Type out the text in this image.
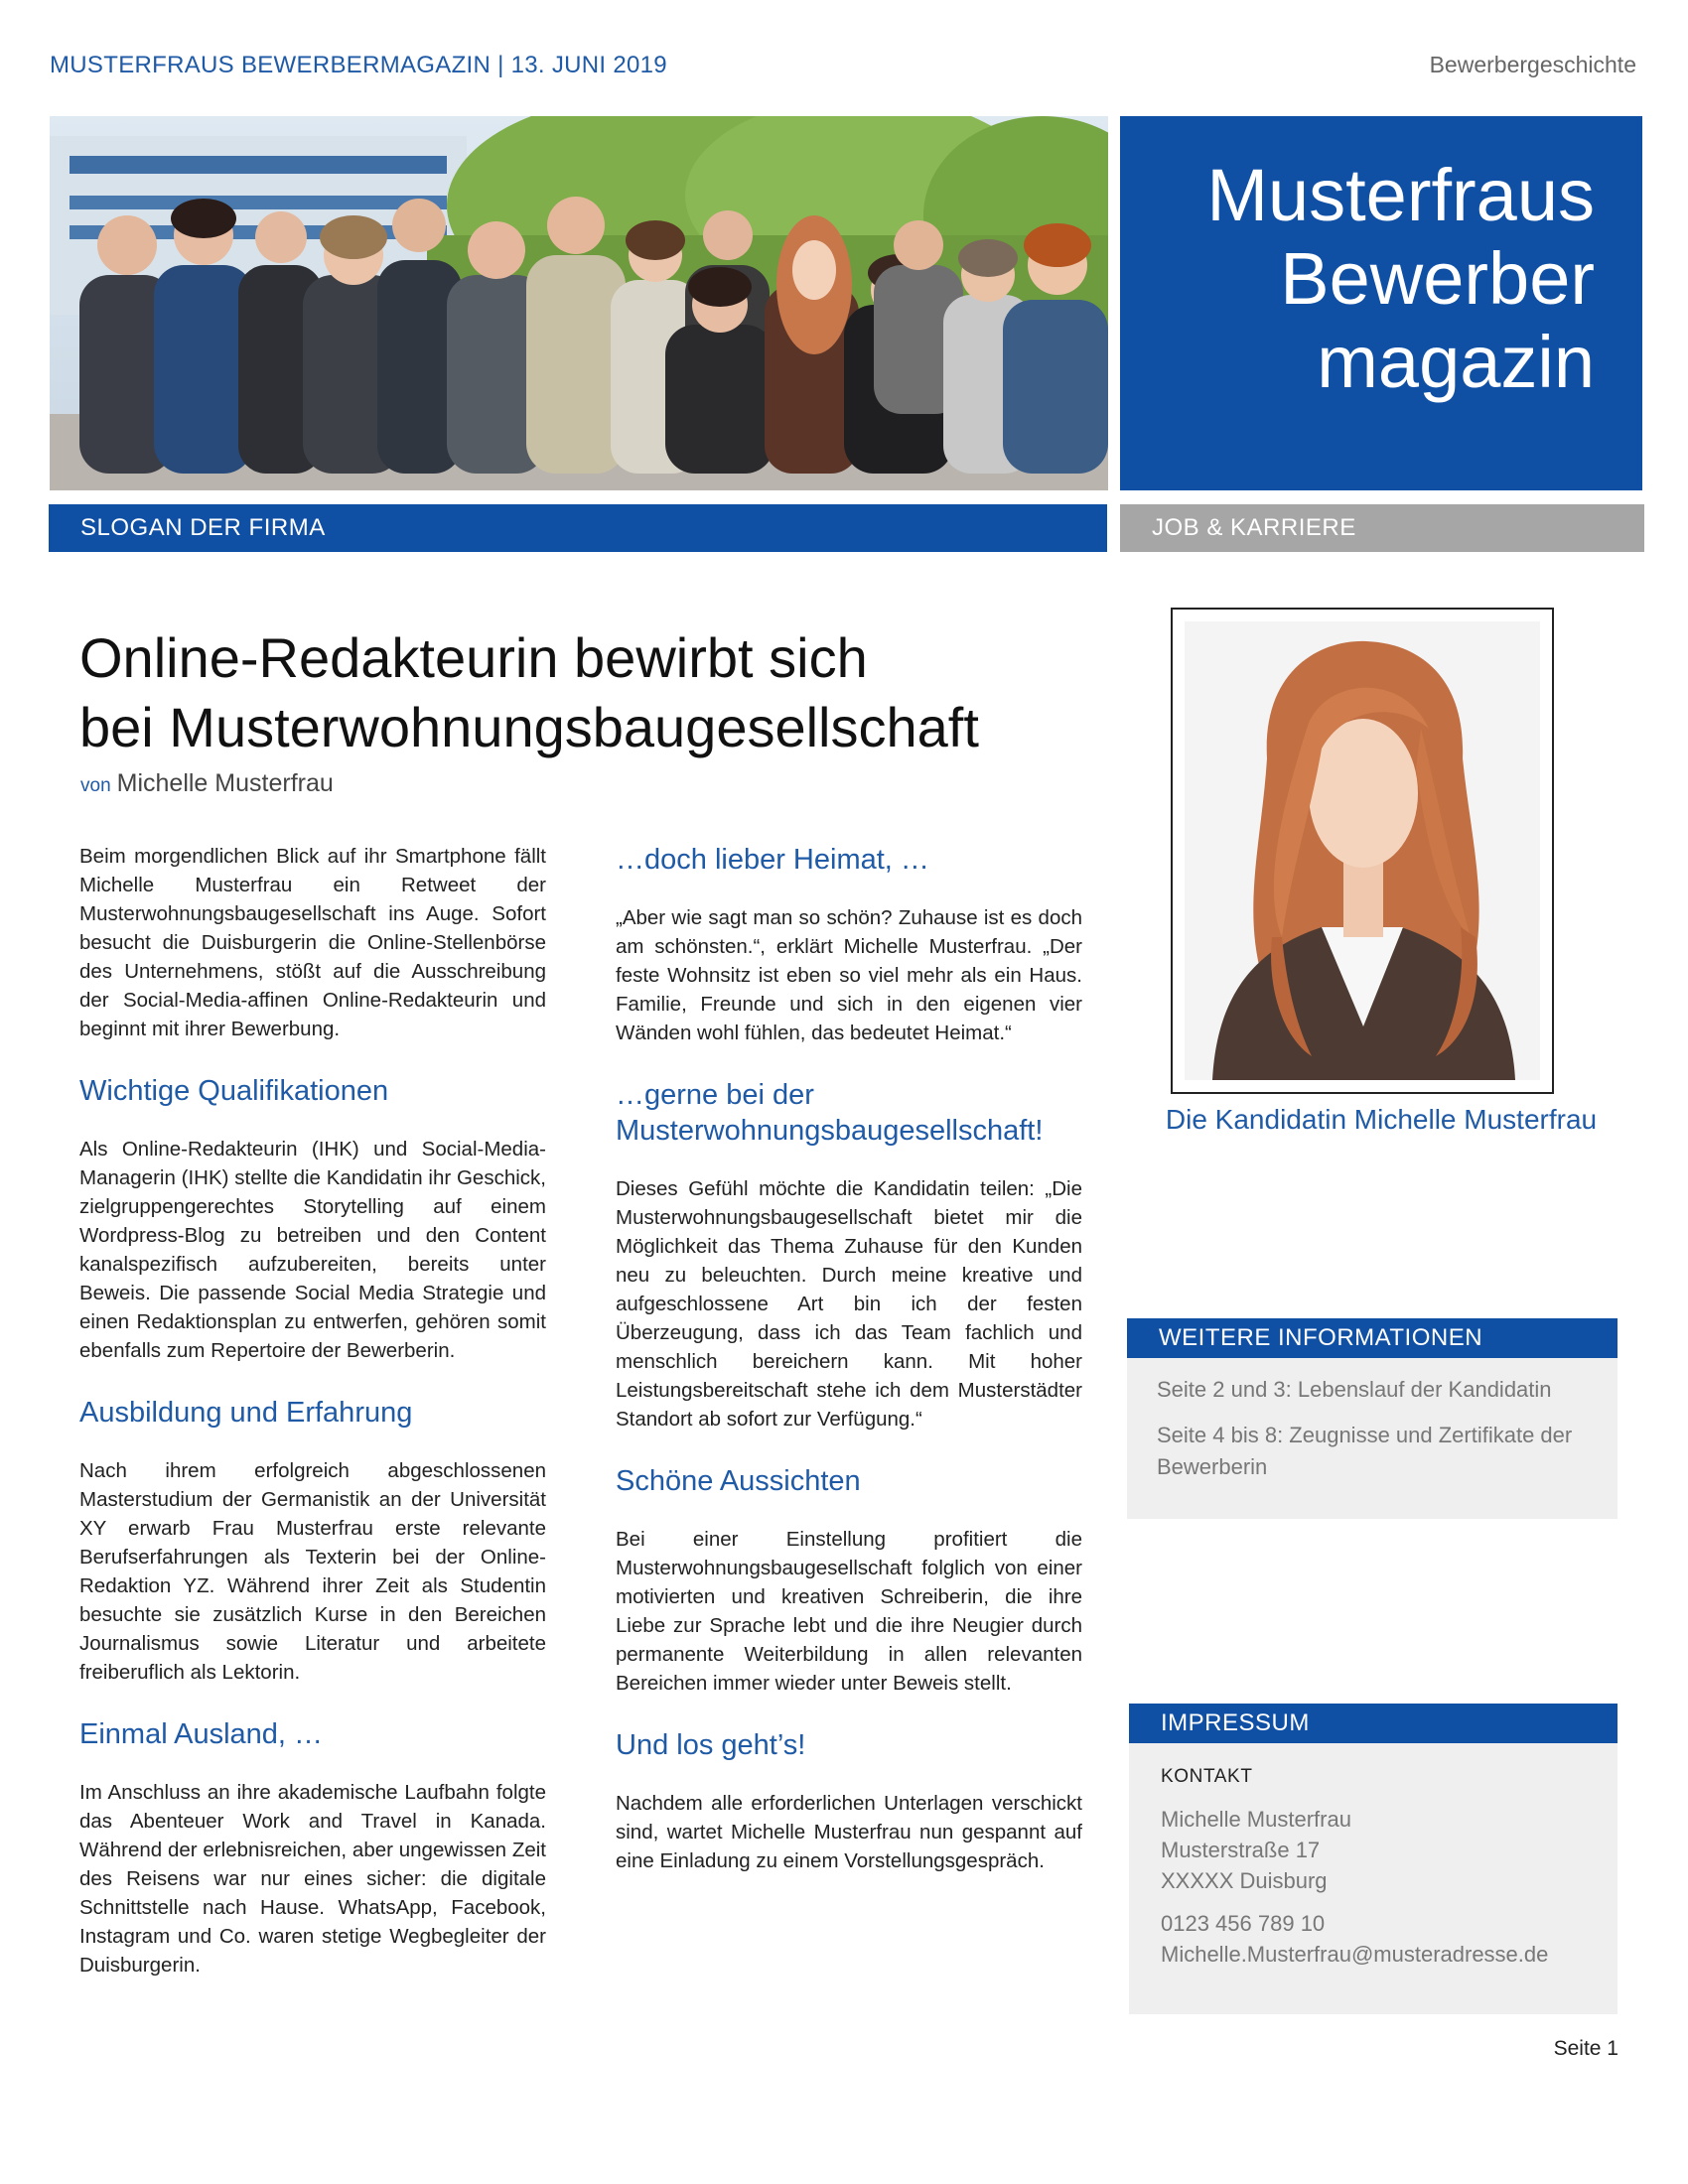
MUSTERFRAUS BEWERBERMAGAZIN | 13. JUNI 2019	Bewerbergeschichte
Musterfraus
Bewerber
magazin
SLOGAN DER FIRMA	JOB & KARRIERE
Online-Redakteurin bewirbt sich
bei Musterwohnungsbaugesellschaft
von Michelle Musterfrau

Beim morgendlichen Blick auf ihr Smartphone fällt Michelle Musterfrau ein Retweet der Musterwohnungsbaugesellschaft ins Auge. Sofort besucht die Duisburgerin die Online-Stellenbörse des Unternehmens, stößt auf die Ausschreibung der Social-Media-affinen Online-Redakteurin und beginnt mit ihrer Bewerbung.

Wichtige Qualifikationen

Als Online-Redakteurin (IHK) und Social-Media-Managerin (IHK) stellte die Kandidatin ihr Geschick, zielgruppengerechtes Storytelling auf einem Wordpress-Blog zu betreiben und den Content kanalspezifisch aufzubereiten, bereits unter Beweis. Die passende Social Media Strategie und einen Redaktionsplan zu entwerfen, gehören somit ebenfalls zum Repertoire der Bewerberin.

Ausbildung und Erfahrung

Nach ihrem erfolgreich abgeschlossenen Masterstudium der Germanistik an der Universität XY erwarb Frau Musterfrau erste relevante Berufserfahrungen als Texterin bei der Online-Redaktion YZ. Während ihrer Zeit als Studentin besuchte sie zusätzlich Kurse in den Bereichen Journalismus sowie Literatur und arbeitete freiberuflich als Lektorin.

Einmal Ausland, …

Im Anschluss an ihre akademische Laufbahn folgte das Abenteuer Work and Travel in Kanada. Während der erlebnisreichen, aber ungewissen Zeit des Reisens war nur eines sicher: die digitale Schnittstelle nach Hause. WhatsApp, Facebook, Instagram und Co. waren stetige Wegbegleiter der Duisburgerin.

…doch lieber Heimat, …

„Aber wie sagt man so schön? Zuhause ist es doch am schönsten.“, erklärt Michelle Musterfrau. „Der feste Wohnsitz ist eben so viel mehr als ein Haus. Familie, Freunde und sich in den eigenen vier Wänden wohl fühlen, das bedeutet Heimat.“

…gerne bei der Musterwohnungsbaugesellschaft!

Dieses Gefühl möchte die Kandidatin teilen: „Die Musterwohnungsbaugesellschaft bietet mir die Möglichkeit das Thema Zuhause für den Kunden neu zu beleuchten. Durch meine kreative und aufgeschlossene Art bin ich der festen Überzeugung, dass ich das Team fachlich und menschlich bereichern kann. Mit hoher Leistungsbereitschaft stehe ich dem Musterstädter Standort ab sofort zur Verfügung.“

Schöne Aussichten

Bei einer Einstellung profitiert die Musterwohnungsbaugesellschaft folglich von einer motivierten und kreativen Schreiberin, die ihre Liebe zur Sprache lebt und die ihre Neugier durch permanente Weiterbildung in allen relevanten Bereichen immer wieder unter Beweis stellt.

Und los geht’s!

Nachdem alle erforderlichen Unterlagen verschickt sind, wartet Michelle Musterfrau nun gespannt auf eine Einladung zu einem Vorstellungsgespräch.

Die Kandidatin Michelle Musterfrau
WEITERE INFORMATIONEN

Seite 2 und 3: Lebenslauf der Kandidatin

Seite 4 bis 8: Zeugnisse und Zertifikate der Bewerberin

IMPRESSUM
KONTAKT

Michelle Musterfrau

Musterstraße 17

XXXXX Duisburg

0123 456 789 10

Michelle.Musterfrau@musteradresse.de

Seite 1
